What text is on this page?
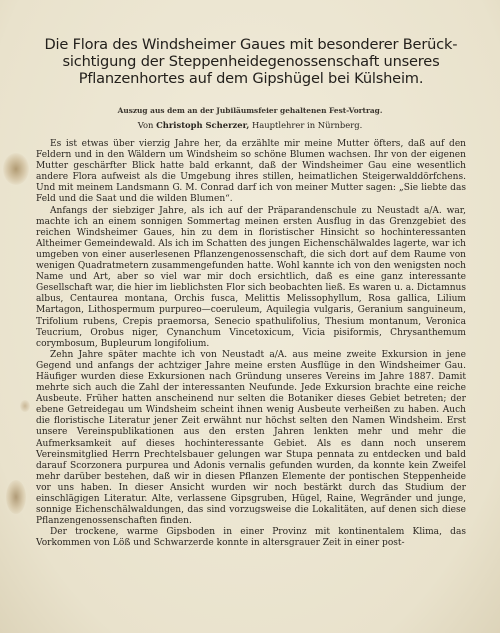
Die Flora des Windsheimer Gaues mit besonderer Berücksichtigung der Steppenheidegenossenschaft unseres Pflanzenhortes auf dem Gipshügel bei Külsheim.
Auszug aus dem an der Jubiläumsfeier gehaltenen Fest-Vortrag.
Von Christoph Scherzer, Hauptlehrer in Nürnberg.

Es ist etwas über vierzig Jahre her, da erzählte mir meine Mutter öfters, daß auf den Feldern und in den Wäldern um Windsheim so schöne Blumen wachsen. Ihr von der eigenen Mutter geschärfter Blick hatte bald erkannt, daß der Windsheimer Gau eine wesentlich andere Flora aufweist als die Umgebung ihres stillen, heimatlichen Steigerwalddörfchens. Und mit meinem Landsmann G. M. Conrad darf ich von meiner Mutter sagen: „Sie liebte das Feld und die Saat und die wilden Blumen“.

Anfangs der siebziger Jahre, als ich auf der Präparandenschule zu Neustadt a/A. war, machte ich an einem sonnigen Sommertag meinen ersten Ausflug in das Grenzgebiet des reichen Windsheimer Gaues, hin zu dem in floristischer Hinsicht so hochinteressanten Altheimer Gemeindewald. Als ich im Schatten des jungen Eichenschälwaldes lagerte, war ich umgeben von einer auserlesenen Pflanzengenossenschaft, die sich dort auf dem Raume von wenigen Quadratmetern zusammengefunden hatte. Wohl kannte ich von den wenigsten noch Name und Art, aber so viel war mir doch ersichtlich, daß es eine ganz interessante Gesellschaft war, die hier im lieblichsten Flor sich beobachten ließ. Es waren u. a. Dictamnus albus, Centaurea montana, Orchis fusca, Melittis Melissophyllum, Rosa gallica, Lilium Martagon, Lithospermum purpureo—coeruleum, Aquilegia vulgaris, Geranium sanguineum, Trifolium rubens, Crepis praemorsa, Senecio spathulifolius, Thesium montanum, Veronica Teucrium, Orobus niger, Cynanchum Vincetoxicum, Vicia pisiformis, Chrysanthemum corymbosum, Bupleurum longifolium.

Zehn Jahre später machte ich von Neustadt a/A. aus meine zweite Exkursion in jene Gegend und anfangs der achtziger Jahre meine ersten Ausflüge in den Windsheimer Gau. Häufiger wurden diese Exkursionen nach Gründung unseres Vereins im Jahre 1887. Damit mehrte sich auch die Zahl der interessanten Neufunde. Jede Exkursion brachte eine reiche Ausbeute. Früher hatten anscheinend nur selten die Botaniker dieses Gebiet betreten; der ebene Getreidegau um Windsheim scheint ihnen wenig Ausbeute verheißen zu haben. Auch die floristische Literatur jener Zeit erwähnt nur höchst selten den Namen Windsheim. Erst unsere Vereinspublikationen aus den ersten Jahren lenkten mehr und mehr die Aufmerksamkeit auf dieses hochinteressante Gebiet. Als es dann noch unserem Vereinsmitglied Herrn Prechtelsbauer gelungen war Stupa pennata zu entdecken und bald darauf Scorzonera purpurea und Adonis vernalis gefunden wurden, da konnte kein Zweifel mehr darüber bestehen, daß wir in diesen Pflanzen Elemente der pontischen Steppenheide vor uns haben. In dieser Ansicht wurden wir noch bestärkt durch das Studium der einschlägigen Literatur. Alte, verlassene Gipsgruben, Hügel, Raine, Wegränder und junge, sonnige Eichenschälwaldungen, das sind vorzugsweise die Lokalitäten, auf denen sich diese Pflanzengenossenschaften finden.

Der trockene, warme Gipsboden in einer Provinz mit kontinentalem Klima, das Vorkommen von Löß und Schwarzerde konnte in altersgrauer Zeit in einer post-
